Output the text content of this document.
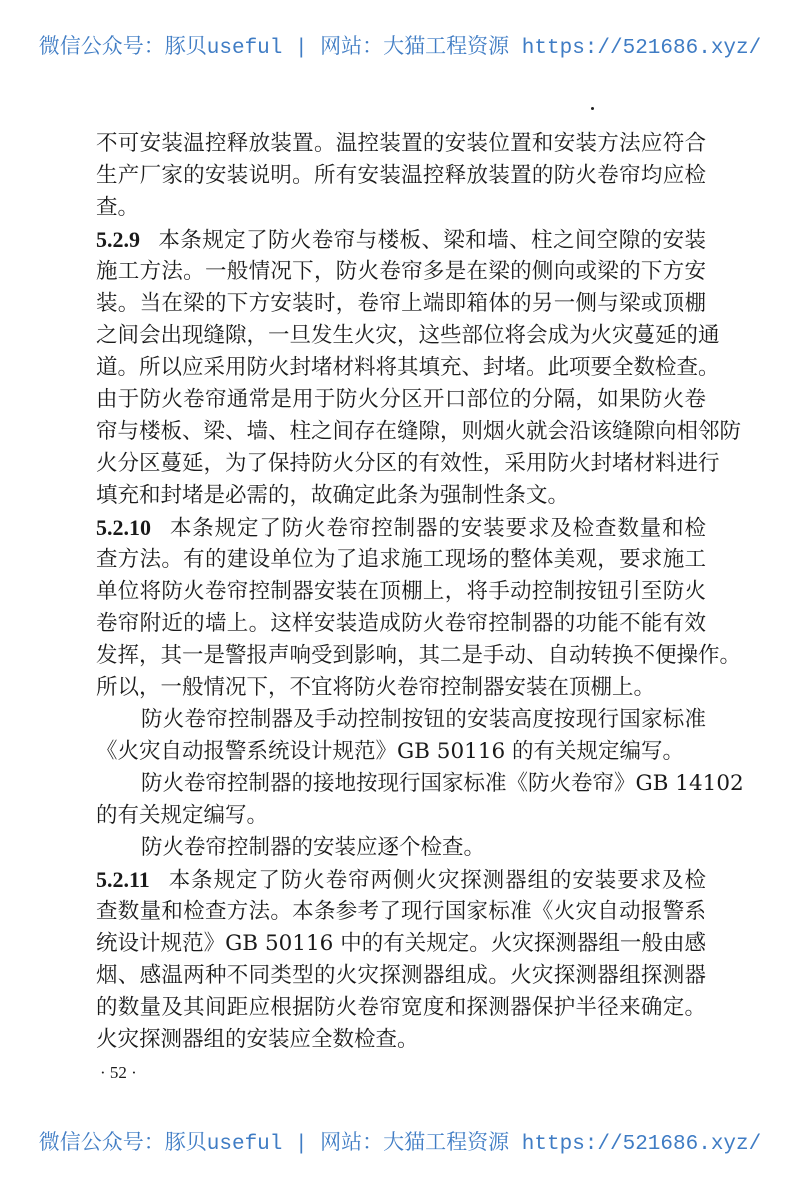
微信公众号：豚贝useful | 网站：大猫工程资源 https://521686.xyz/
不可安装温控释放装置。温控装置的安装位置和安装方法应符合
生产厂家的安装说明。所有安装温控释放装置的防火卷帘均应检
查。
5.2.9 本条规定了防火卷帘与楼板、梁和墙、柱之间空隙的安装
施工方法。一般情况下，防火卷帘多是在梁的侧向或梁的下方安
装。当在梁的下方安装时，卷帘上端即箱体的另一侧与梁或顶棚
之间会出现缝隙，一旦发生火灾，这些部位将会成为火灾蔓延的通
道。所以应采用防火封堵材料将其填充、封堵。此项要全数检查。
由于防火卷帘通常是用于防火分区开口部位的分隔，如果防火卷
帘与楼板、梁、墙、柱之间存在缝隙，则烟火就会沿该缝隙向相邻防
火分区蔓延，为了保持防火分区的有效性，采用防火封堵材料进行
填充和封堵是必需的，故确定此条为强制性条文。
5.2.10 本条规定了防火卷帘控制器的安装要求及检查数量和检
查方法。有的建设单位为了追求施工现场的整体美观，要求施工
单位将防火卷帘控制器安装在顶棚上，将手动控制按钮引至防火
卷帘附近的墙上。这样安装造成防火卷帘控制器的功能不能有效
发挥，其一是警报声响受到影响，其二是手动、自动转换不便操作。
所以，一般情况下，不宜将防火卷帘控制器安装在顶棚上。
防火卷帘控制器及手动控制按钮的安装高度按现行国家标准
《火灾自动报警系统设计规范》GB 50116 的有关规定编写。
防火卷帘控制器的接地按现行国家标准《防火卷帘》GB 14102
的有关规定编写。
防火卷帘控制器的安装应逐个检查。
5.2.11 本条规定了防火卷帘两侧火灾探测器组的安装要求及检
查数量和检查方法。本条参考了现行国家标准《火灾自动报警系
统设计规范》GB 50116 中的有关规定。火灾探测器组一般由感
烟、感温两种不同类型的火灾探测器组成。火灾探测器组探测器
的数量及其间距应根据防火卷帘宽度和探测器保护半径来确定。
火灾探测器组的安装应全数检查。
· 52 ·
微信公众号：豚贝useful | 网站：大猫工程资源 https://521686.xyz/
